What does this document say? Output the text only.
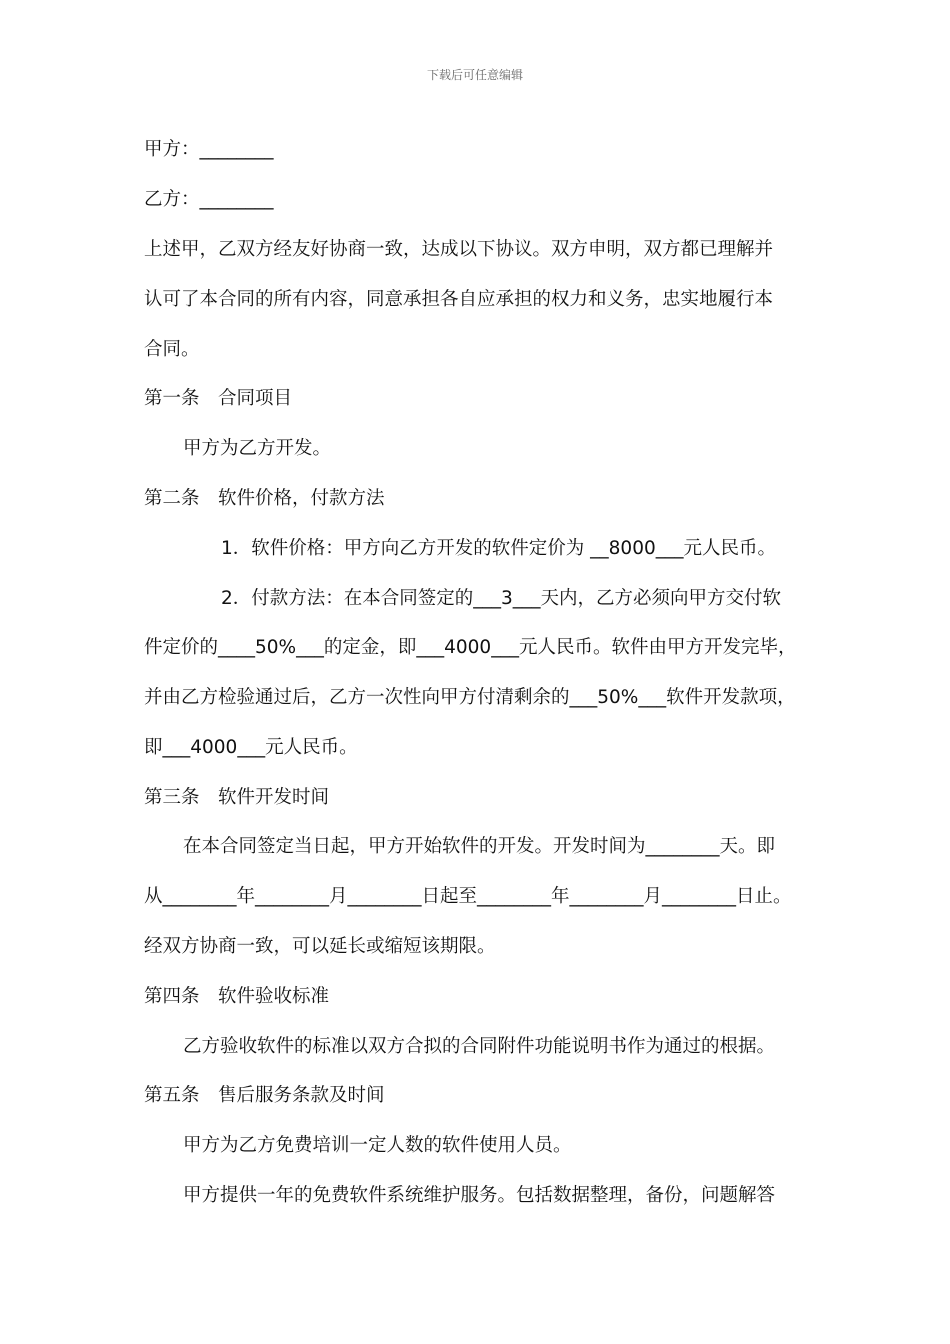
下载后可任意编辑
甲方：________
乙方：________
上述甲，乙双方经友好协商一致，达成以下协议。双方申明，双方都已理解并
认可了本合同的所有内容，同意承担各自应承担的权力和义务，忠实地履行本
合同。
第一条　合同项目
甲方为乙方开发。
第二条　软件价格，付款方法
1．软件价格：甲方向乙方开发的软件定价为 __8000___元人民币。
2．付款方法：在本合同签定的___3___天内，乙方必须向甲方交付软
件定价的____50%___的定金，即___4000___元人民币。软件由甲方开发完毕，
并由乙方检验通过后，乙方一次性向甲方付清剩余的___50%___软件开发款项，
即___4000___元人民币。
第三条　软件开发时间
在本合同签定当日起，甲方开始软件的开发。开发时间为________天。即
从________年________月________日起至________年________月________日止。
经双方协商一致，可以延长或缩短该期限。
第四条　软件验收标准
乙方验收软件的标准以双方合拟的合同附件功能说明书作为通过的根据。
第五条　售后服务条款及时间
甲方为乙方免费培训一定人数的软件使用人员。
甲方提供一年的免费软件系统维护服务。包括数据整理，备份，问题解答
